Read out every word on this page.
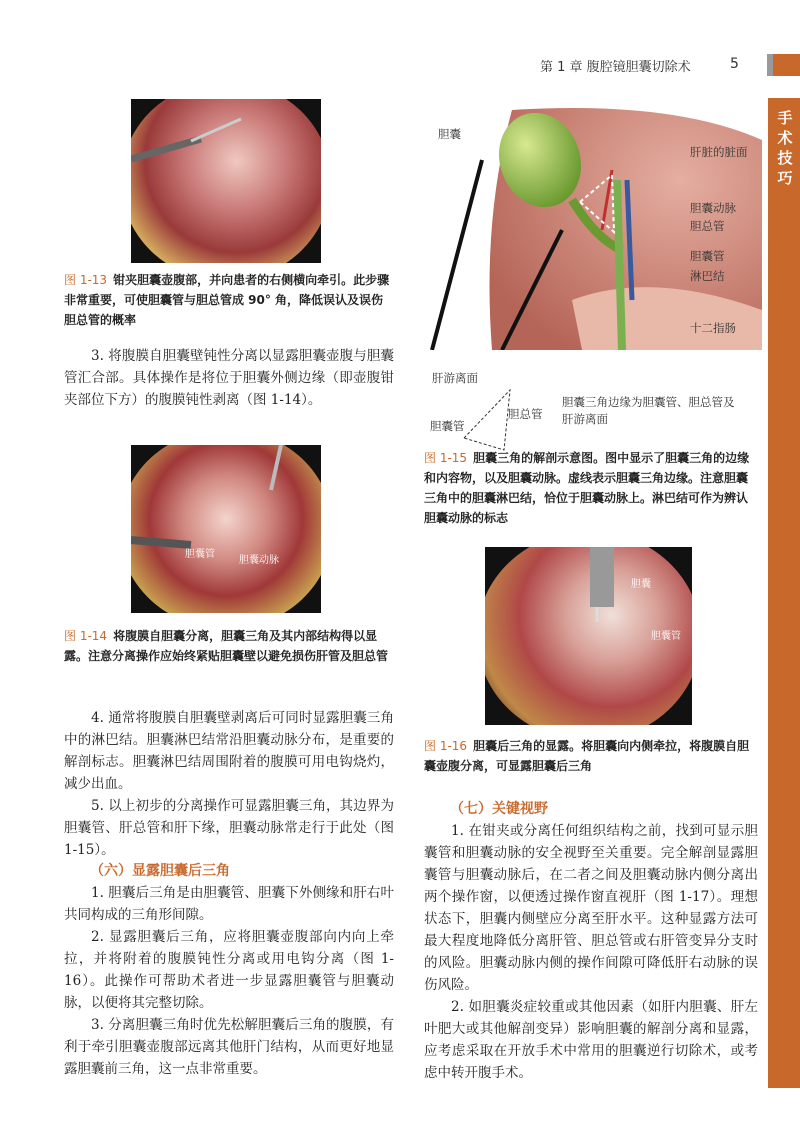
第 1 章 腹腔镜胆囊切除术	5
手术技巧
图 1-13 钳夹胆囊壶腹部，并向患者的右侧横向牵引。此步骤非常重要，可使胆囊管与胆总管成 90° 角，降低误认及误伤胆总管的概率

3. 将腹膜自胆囊壁钝性分离以显露胆囊壶腹与胆囊管汇合部。具体操作是将位于胆囊外侧边缘（即壶腹钳夹部位下方）的腹膜钝性剥离（图 1-14）。

胆囊管
胆囊动脉
图 1-14 将腹膜自胆囊分离，胆囊三角及其内部结构得以显露。注意分离操作应始终紧贴胆囊壁以避免损伤肝管及胆总管

4. 通常将腹膜自胆囊壁剥离后可同时显露胆囊三角中的淋巴结。胆囊淋巴结常沿胆囊动脉分布，是重要的解剖标志。胆囊淋巴结周围附着的腹膜可用电钩烧灼，减少出血。

5. 以上初步的分离操作可显露胆囊三角，其边界为胆囊管、肝总管和肝下缘，胆囊动脉常走行于此处（图 1-15）。

（六）显露胆囊后三角

1. 胆囊后三角是由胆囊管、胆囊下外侧缘和肝右叶共同构成的三角形间隙。

2. 显露胆囊后三角，应将胆囊壶腹部向内向上牵拉，并将附着的腹膜钝性分离或用电钩分离（图 1-16）。此操作可帮助术者进一步显露胆囊管与胆囊动脉，以便将其完整切除。

3. 分离胆囊三角时优先松解胆囊后三角的腹膜，有利于牵引胆囊壶腹部远离其他肝门结构，从而更好地显露胆囊前三角，这一点非常重要。

胆囊
肝脏的脏面
胆囊动脉
胆总管
胆囊管
淋巴结
十二指肠
肝游离面
胆囊管
胆总管
胆囊三角边缘为胆囊管、胆总管及肝游离面
图 1-15 胆囊三角的解剖示意图。图中显示了胆囊三角的边缘和内容物，以及胆囊动脉。虚线表示胆囊三角边缘。注意胆囊三角中的胆囊淋巴结，恰位于胆囊动脉上。淋巴结可作为辨认胆囊动脉的标志
胆囊
胆囊管
图 1-16 胆囊后三角的显露。将胆囊向内侧牵拉，将腹膜自胆囊壶腹分离，可显露胆囊后三角
（七）关键视野

1. 在钳夹或分离任何组织结构之前，找到可显示胆囊管和胆囊动脉的安全视野至关重要。完全解剖显露胆囊管与胆囊动脉后，在二者之间及胆囊动脉内侧分离出两个操作窗，以便透过操作窗直视肝（图 1-17）。理想状态下，胆囊内侧壁应分离至肝水平。这种显露方法可最大程度地降低分离肝管、胆总管或右肝管变异分支时的风险。胆囊动脉内侧的操作间隙可降低肝右动脉的误伤风险。

2. 如胆囊炎症较重或其他因素（如肝内胆囊、肝左叶肥大或其他解剖变异）影响胆囊的解剖分离和显露，应考虑采取在开放手术中常用的胆囊逆行切除术，或考虑中转开腹手术。
